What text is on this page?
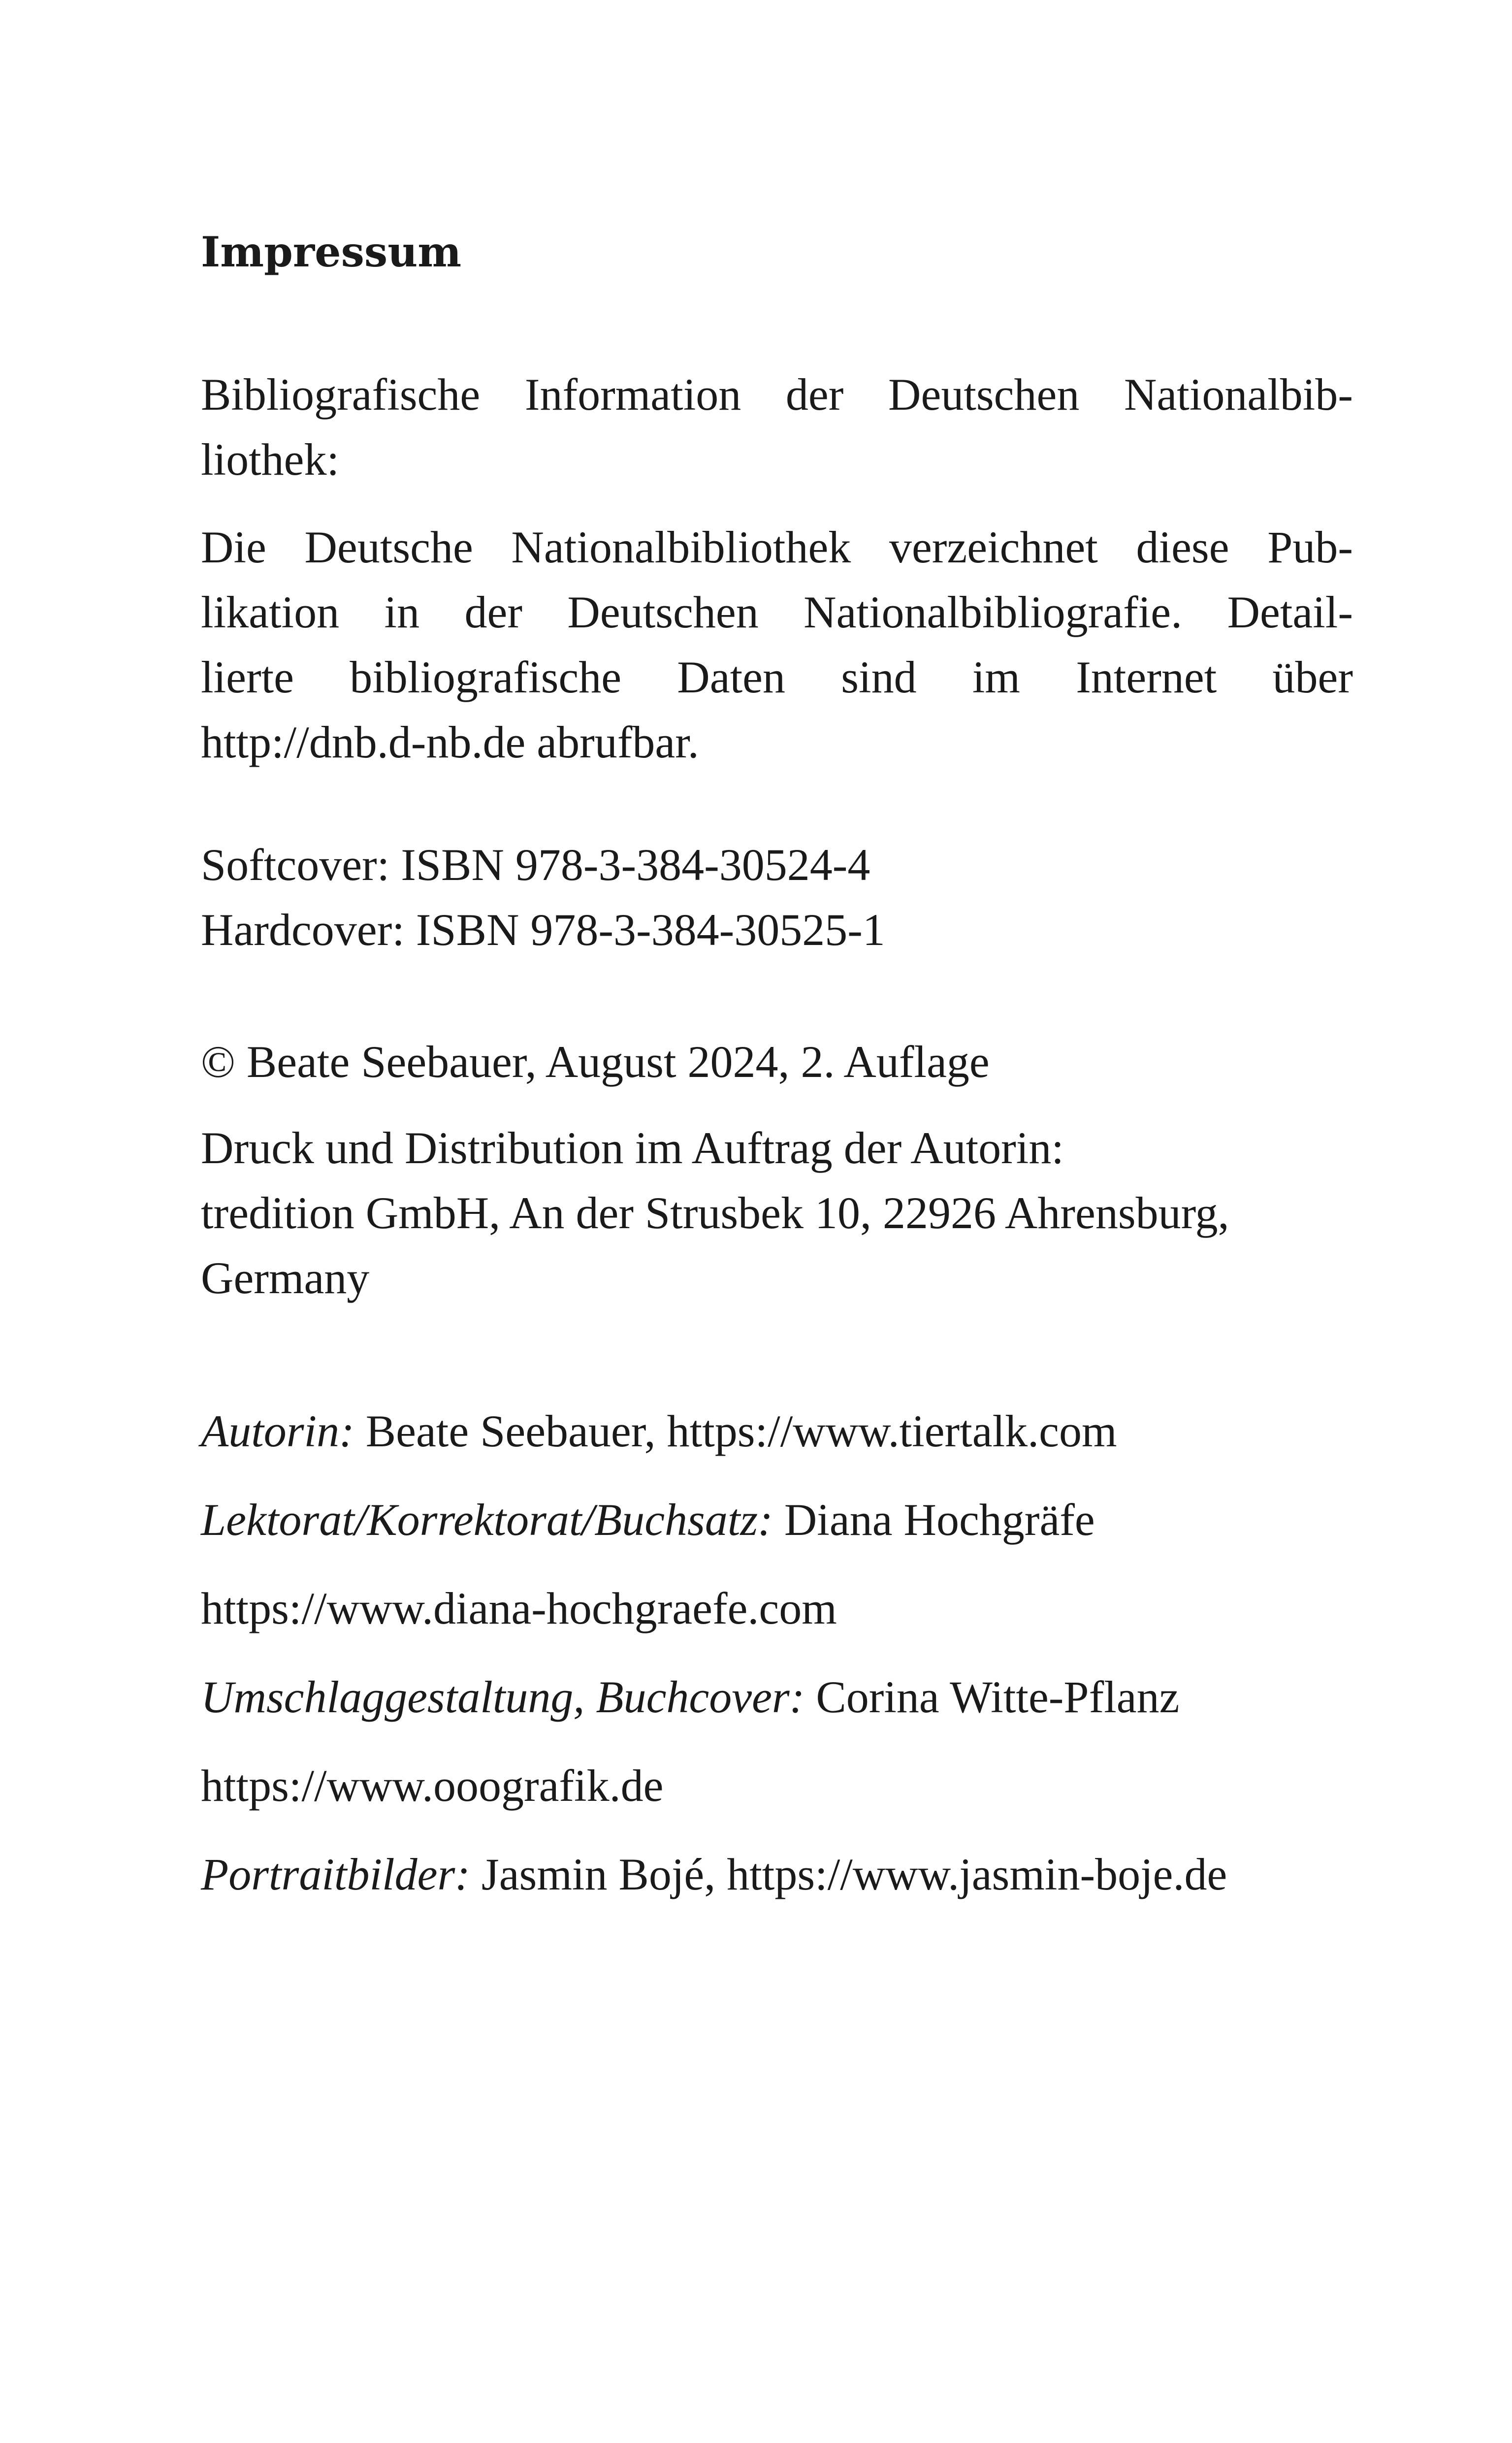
Impressum

Bibliografische Information der Deutschen Nationalbib-
liothek:

Die Deutsche Nationalbibliothek verzeichnet diese Pub-
likation in der Deutschen Nationalbibliografie. Detail-
lierte bibliografische Daten sind im Internet über
http://dnb.d-nb.de abrufbar.

Softcover: ISBN 978-3-384-30524-4
Hardcover: ISBN 978-3-384-30525-1

© Beate Seebauer, August 2024, 2. Auflage

Druck und Distribution im Auftrag der Autorin:
tredition GmbH, An der Strusbek 10, 22926 Ahrensburg,
Germany

Autorin: Beate Seebauer, https://www.tiertalk.com

Lektorat/Korrektorat/Buchsatz: Diana Hochgräfe

https://www.diana-hochgraefe.com

Umschlaggestaltung, Buchcover: Corina Witte-Pflanz

https://www.ooografik.de

Portraitbilder: Jasmin Bojé, https://www.jasmin-boje.de
